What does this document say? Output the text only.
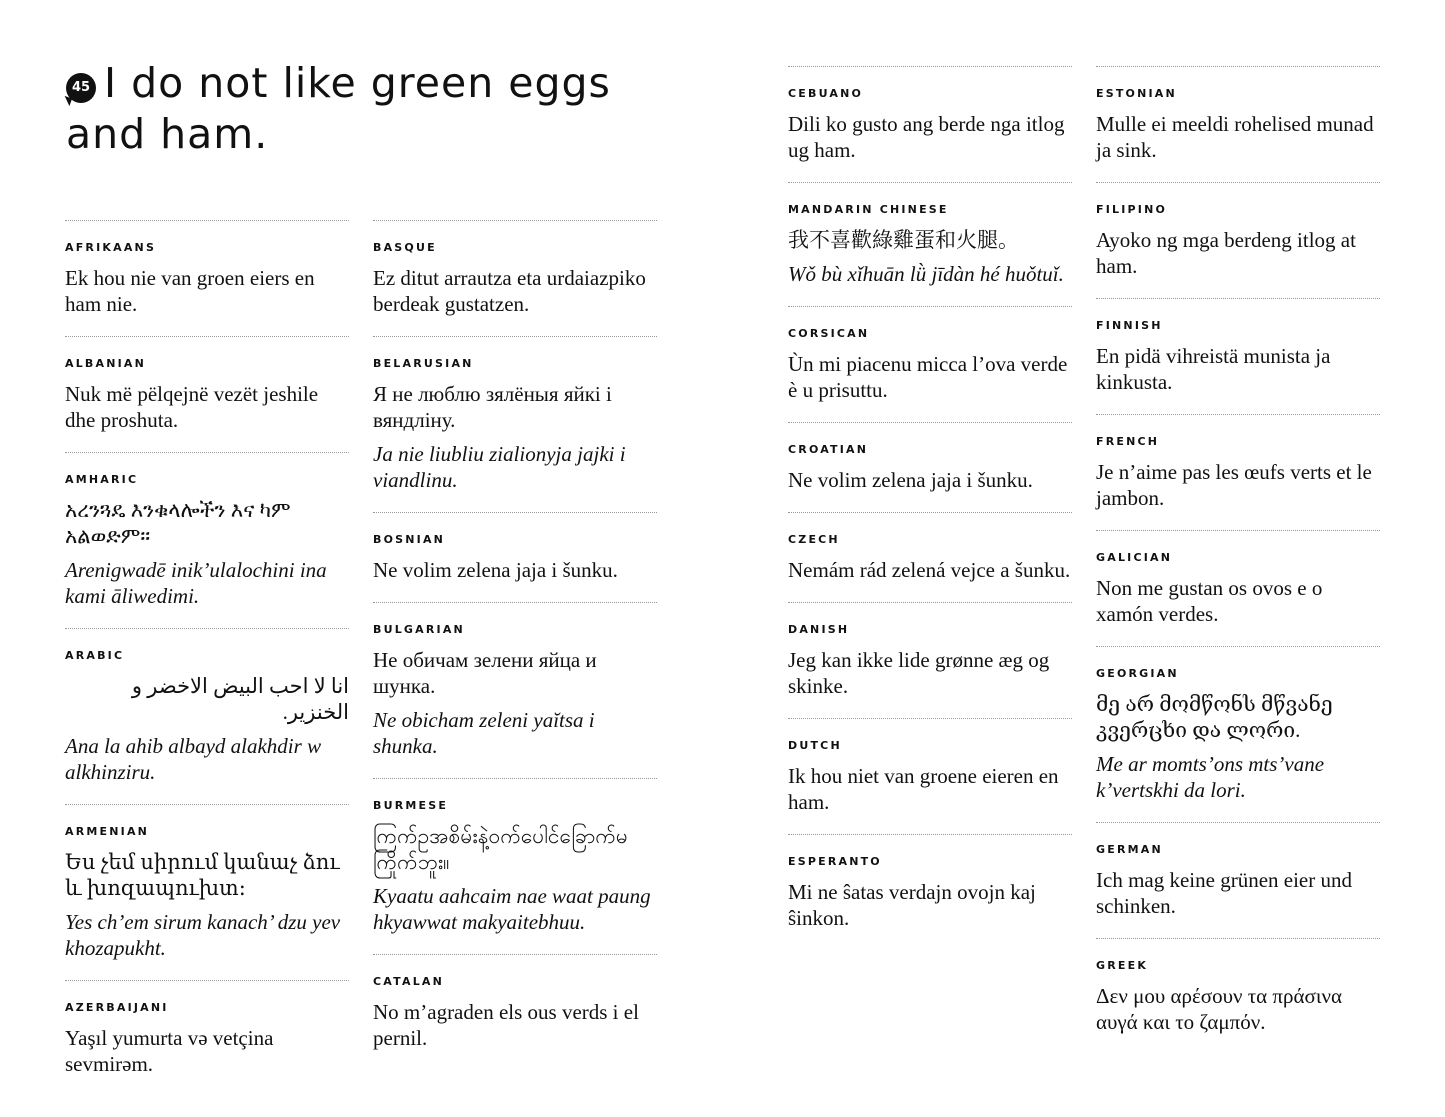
45 I do not like green eggs and ham.
AFRIKAANS
Ek hou nie van groen eiers en ham nie.
ALBANIAN
Nuk më pëlqejnë vezët jeshile dhe proshuta.
AMHARIC
አረንጓዴ እንቁላሎችን እና ካም አልወድም።
Arenigwadē inik’ulalochini ina kami āliwedimi.
ARABIC
انا لا احب البيض الاخضر و الخنزير.
Ana la ahib albayd alakhdir w alkhinziru.
ARMENIAN
Ես չեմ սիրում կանաչ ձու և խոզապուխտ։
Yes ch’em sirum kanach’ dzu yev khozapukht.
AZERBAIJANI
Yaşıl yumurta və vetçina sevmirəm.
BASQUE
Ez ditut arrautza eta urdaiazpiko berdeak gustatzen.
BELARUSIAN
Я не люблю зялёныя яйкі і вяндліну.
Ja nie liubliu zialionyja jajki i viandlinu.
BOSNIAN
Ne volim zelena jaja i šunku.
BULGARIAN
Не обичам зелени яйца и шунка.
Ne obicham zeleni yaĭtsa i shunka.
BURMESE
ကြက်ဥအစိမ်းနဲ့ဝက်ပေါင်ခြောက်မကြိုက်ဘူး။
Kyaatu aahcaim nae waat paung hkyawwat makyaitebhuu.
CATALAN
No m’agraden els ous verds i el pernil.
CEBUANO
Dili ko gusto ang berde nga itlog ug ham.
MANDARIN CHINESE
我不喜歡綠雞蛋和火腿。
Wǒ bù xǐhuān lǜ jīdàn hé huǒtuǐ.
CORSICAN
Ùn mi piacenu micca l’ova verde è u prisuttu.
CROATIAN
Ne volim zelena jaja i šunku.
CZECH
Nemám rád zelená vejce a šunku.
DANISH
Jeg kan ikke lide grønne æg og skinke.
DUTCH
Ik hou niet van groene eieren en ham.
ESPERANTO
Mi ne ŝatas verdajn ovojn kaj ŝinkon.
ESTONIAN
Mulle ei meeldi rohelised munad ja sink.
FILIPINO
Ayoko ng mga berdeng itlog at ham.
FINNISH
En pidä vihreistä munista ja kinkusta.
FRENCH
Je n’aime pas les œufs verts et le jambon.
GALICIAN
Non me gustan os ovos e o xamón verdes.
GEORGIAN
მე არ მომწონს მწვანე კვერცხი და ლორი.
Me ar momts’ons mts’vane k’vertskhi da lori.
GERMAN
Ich mag keine grünen eier und schinken.
GREEK
Δεν μου αρέσουν τα πράσινα αυγά και το ζαμπόν.
